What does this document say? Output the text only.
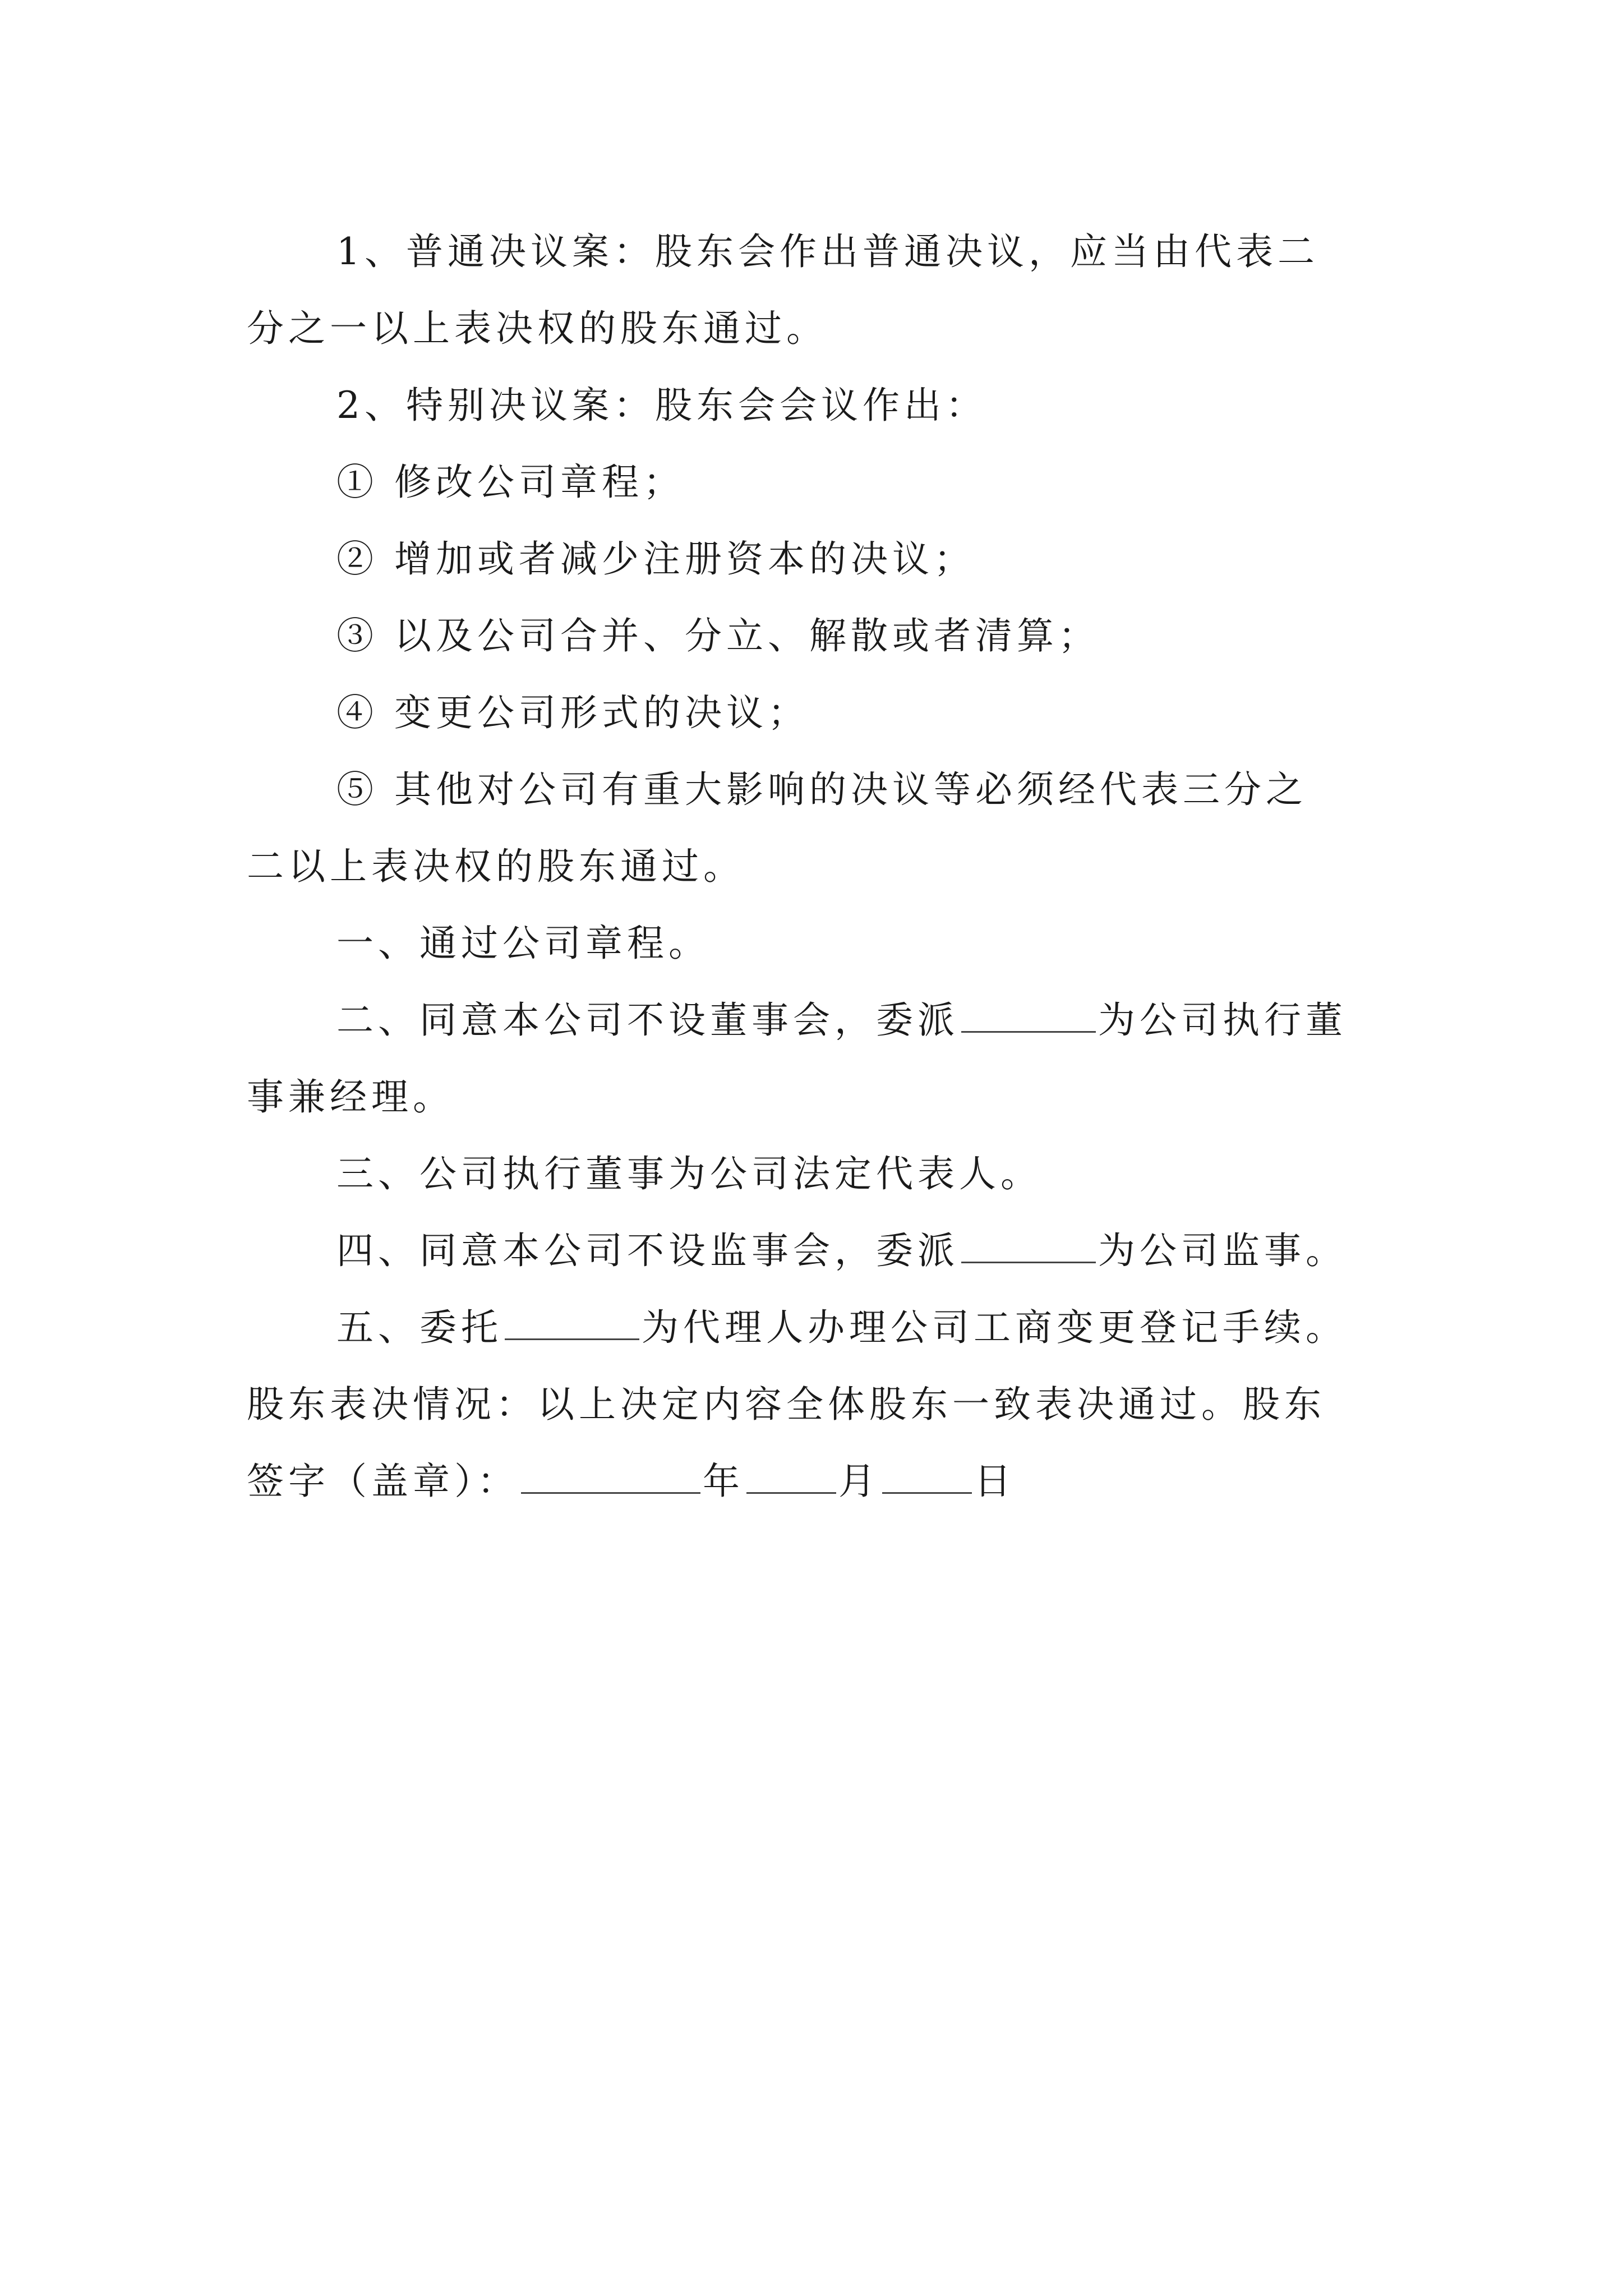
1、普通决议案：股东会作出普通决议，应当由代表二
分之一以上表决权的股东通过。
2、特别决议案：股东会会议作出：
① 修改公司章程；
② 增加或者减少注册资本的决议；
③ 以及公司合并、分立、解散或者清算；
④ 变更公司形式的决议；
⑤ 其他对公司有重大影响的决议等必须经代表三分之
二以上表决权的股东通过。
一、通过公司章程。
二、同意本公司不设董事会，委派	为公司执行董
事兼经理。
三、公司执行董事为公司法定代表人。
四、同意本公司不设监事会，委派	为公司监事。
五、委托	为代理人办理公司工商变更登记手续。
股东表决情况：以上决定内容全体股东一致表决通过。股东
签字（盖章）：	年	月	日
